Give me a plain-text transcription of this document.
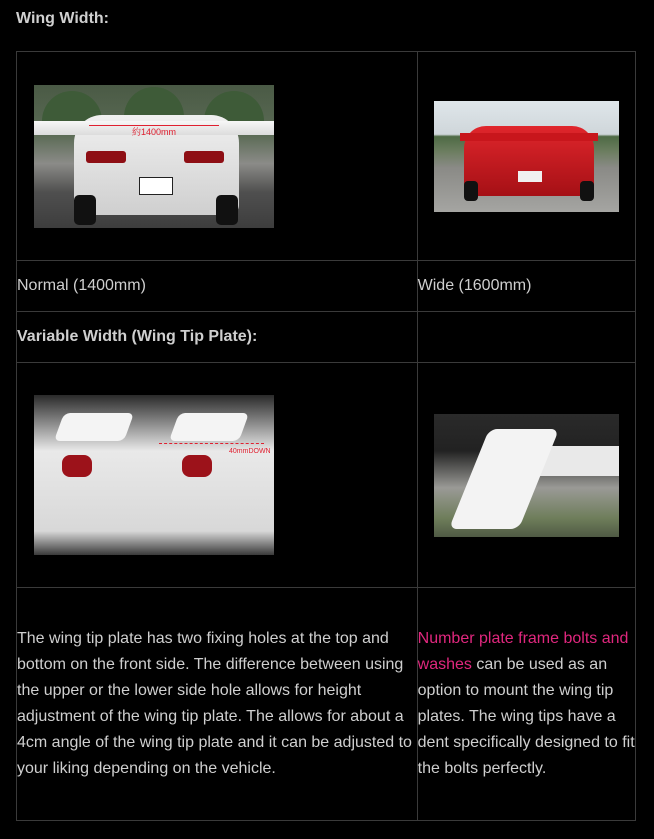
Wing Width:
約1400mm	

Normal (1400mm)	Wide (1600mm)
Variable Width (Wing Tip Plate):	

40mmDOWN	

The wing tip plate has two fixing holes at the top and bottom on the front side. The difference between using the upper or the lower side hole allows for height adjustment of the wing tip plate. The allows for about a 4cm angle of the wing tip plate and it can be adjusted to your liking depending on the vehicle.	Number plate frame bolts and washes can be used as an option to mount the wing tip plates. The wing tips have a dent specifically designed to fit the bolts perfectly.
